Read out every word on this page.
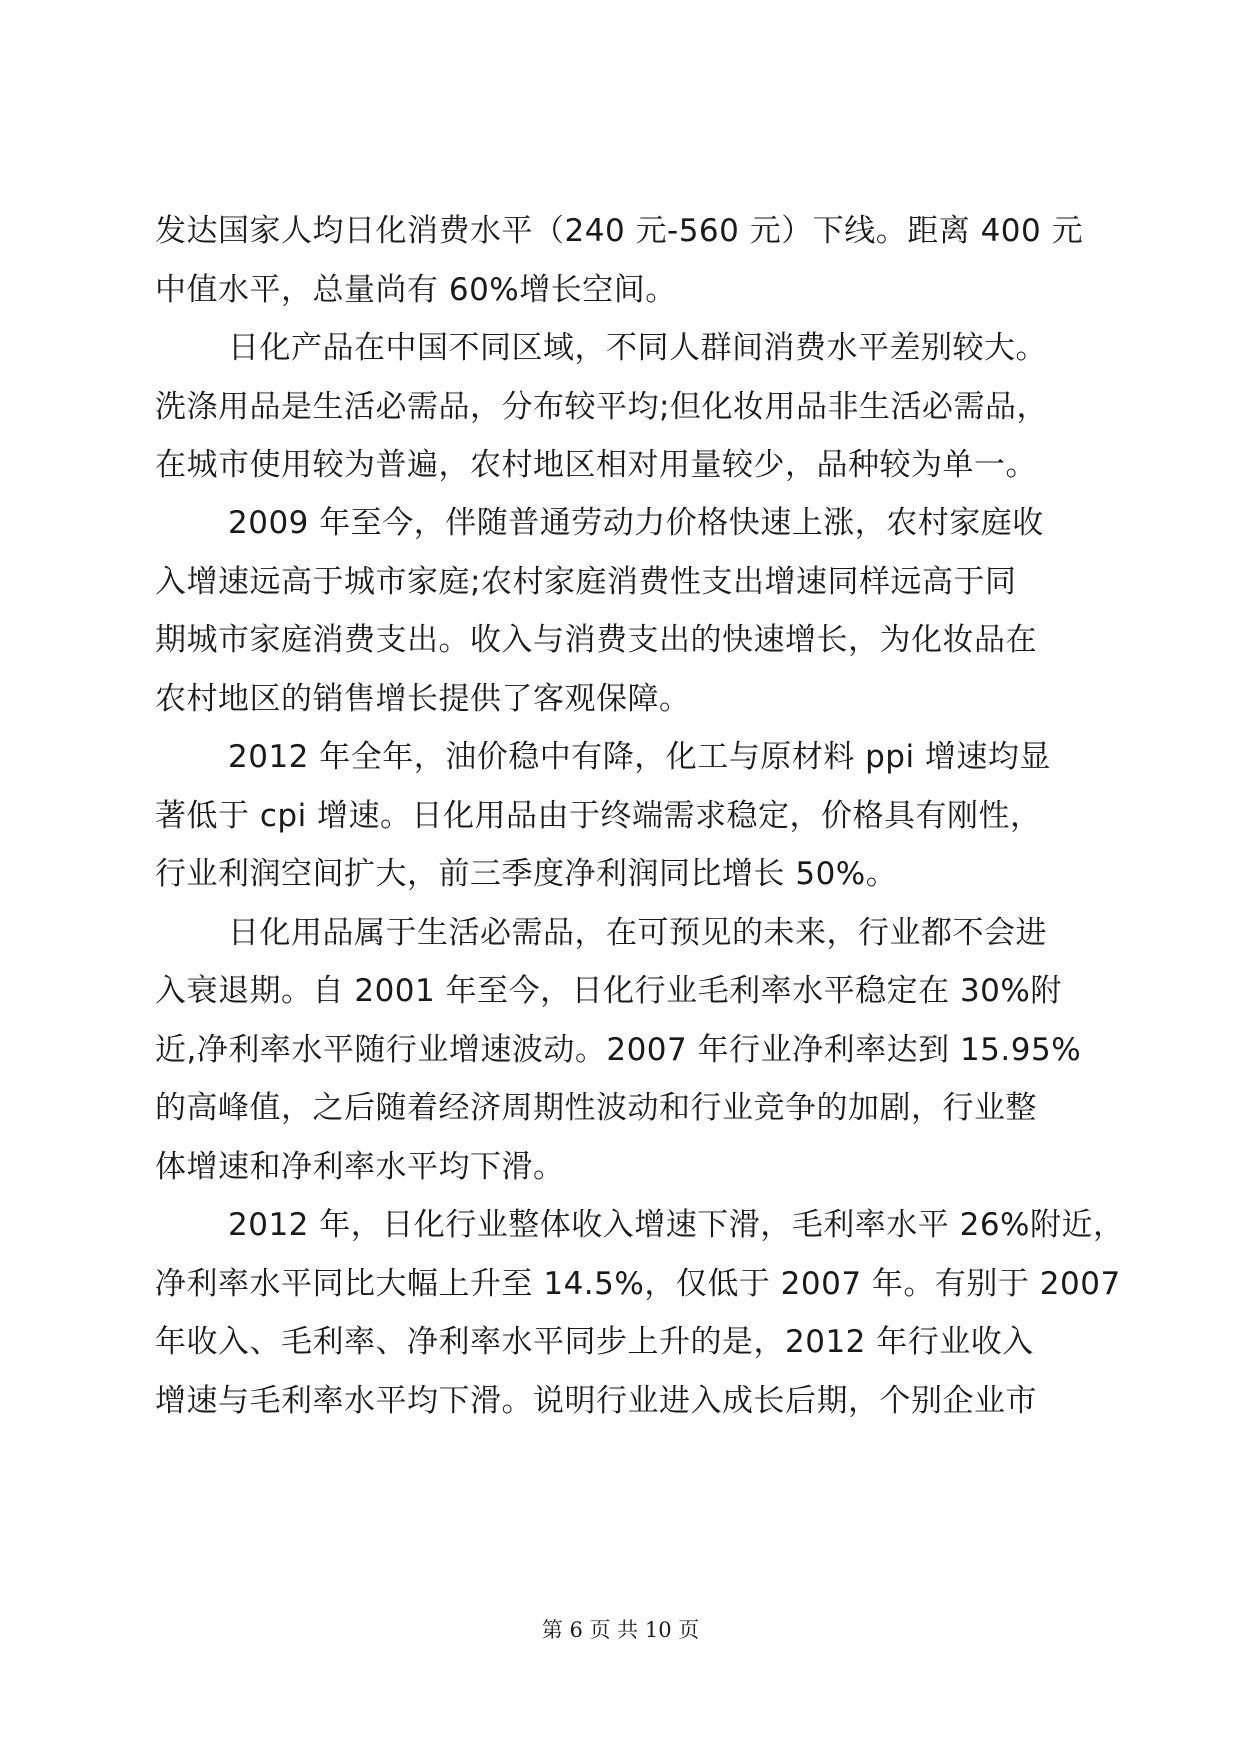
发达国家人均日化消费水平（240 元-560 元）下线。距离 400 元
中值水平，总量尚有 60%增长空间。
日化产品在中国不同区域，不同人群间消费水平差别较大。
洗涤用品是生活必需品，分布较平均;但化妆用品非生活必需品，
在城市使用较为普遍，农村地区相对用量较少，品种较为单一。
2009 年至今，伴随普通劳动力价格快速上涨，农村家庭收
入增速远高于城市家庭;农村家庭消费性支出增速同样远高于同
期城市家庭消费支出。收入与消费支出的快速增长，为化妆品在
农村地区的销售增长提供了客观保障。
2012 年全年，油价稳中有降，化工与原材料 ppi 增速均显
著低于 cpi 增速。日化用品由于终端需求稳定，价格具有刚性，
行业利润空间扩大，前三季度净利润同比增长 50%。
日化用品属于生活必需品，在可预见的未来，行业都不会进
入衰退期。自 2001 年至今，日化行业毛利率水平稳定在 30%附
近,净利率水平随行业增速波动。2007 年行业净利率达到 15.95%
的高峰值，之后随着经济周期性波动和行业竞争的加剧，行业整
体增速和净利率水平均下滑。
2012 年，日化行业整体收入增速下滑，毛利率水平 26%附近，
净利率水平同比大幅上升至 14.5%，仅低于 2007 年。有别于 2007
年收入、毛利率、净利率水平同步上升的是，2012 年行业收入
增速与毛利率水平均下滑。说明行业进入成长后期，个别企业市
第 6 页 共 10 页
